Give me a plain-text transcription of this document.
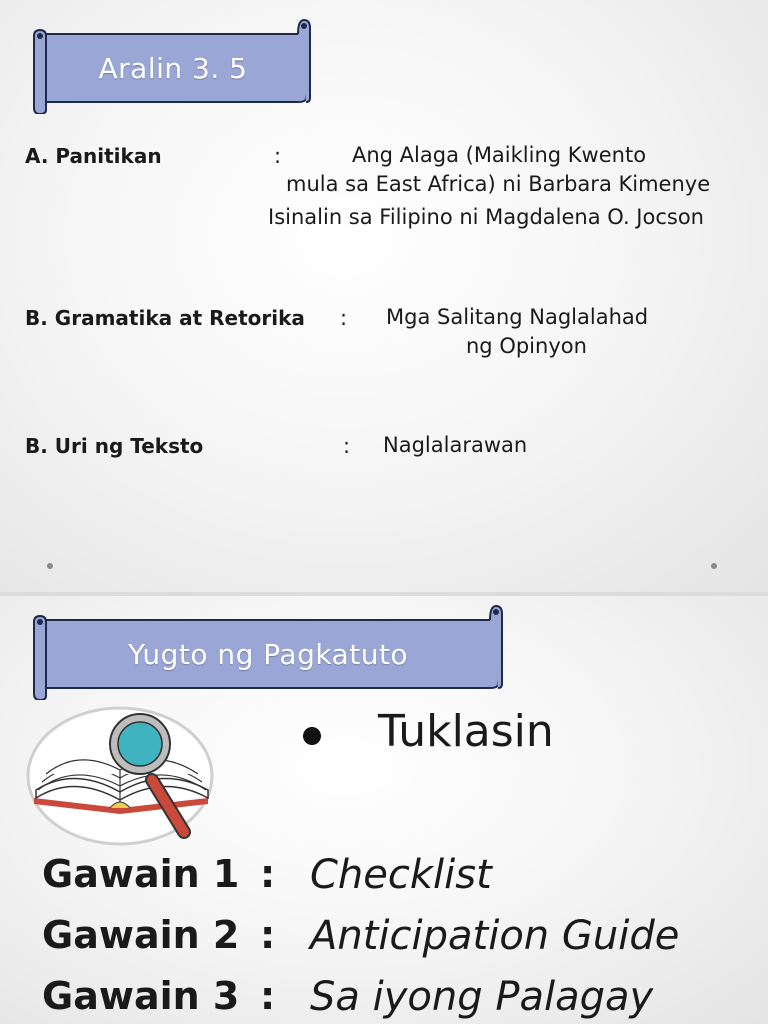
Aralin 3. 5
A. Panitikan	:	Ang Alaga (Maikling Kwento
mula sa East Africa) ni Barbara Kimenye
Isinalin sa Filipino ni Magdalena O. Jocson
B. Gramatika at Retorika : Mga Salitang Naglalahad
ng Opinyon
B. Uri ng Teksto	: Naglalarawan
Yugto ng Pagkatuto
Tuklasin
Gawain 1 : Checklist
Gawain 2 : Anticipation Guide
Gawain 3 : Sa iyong Palagay
